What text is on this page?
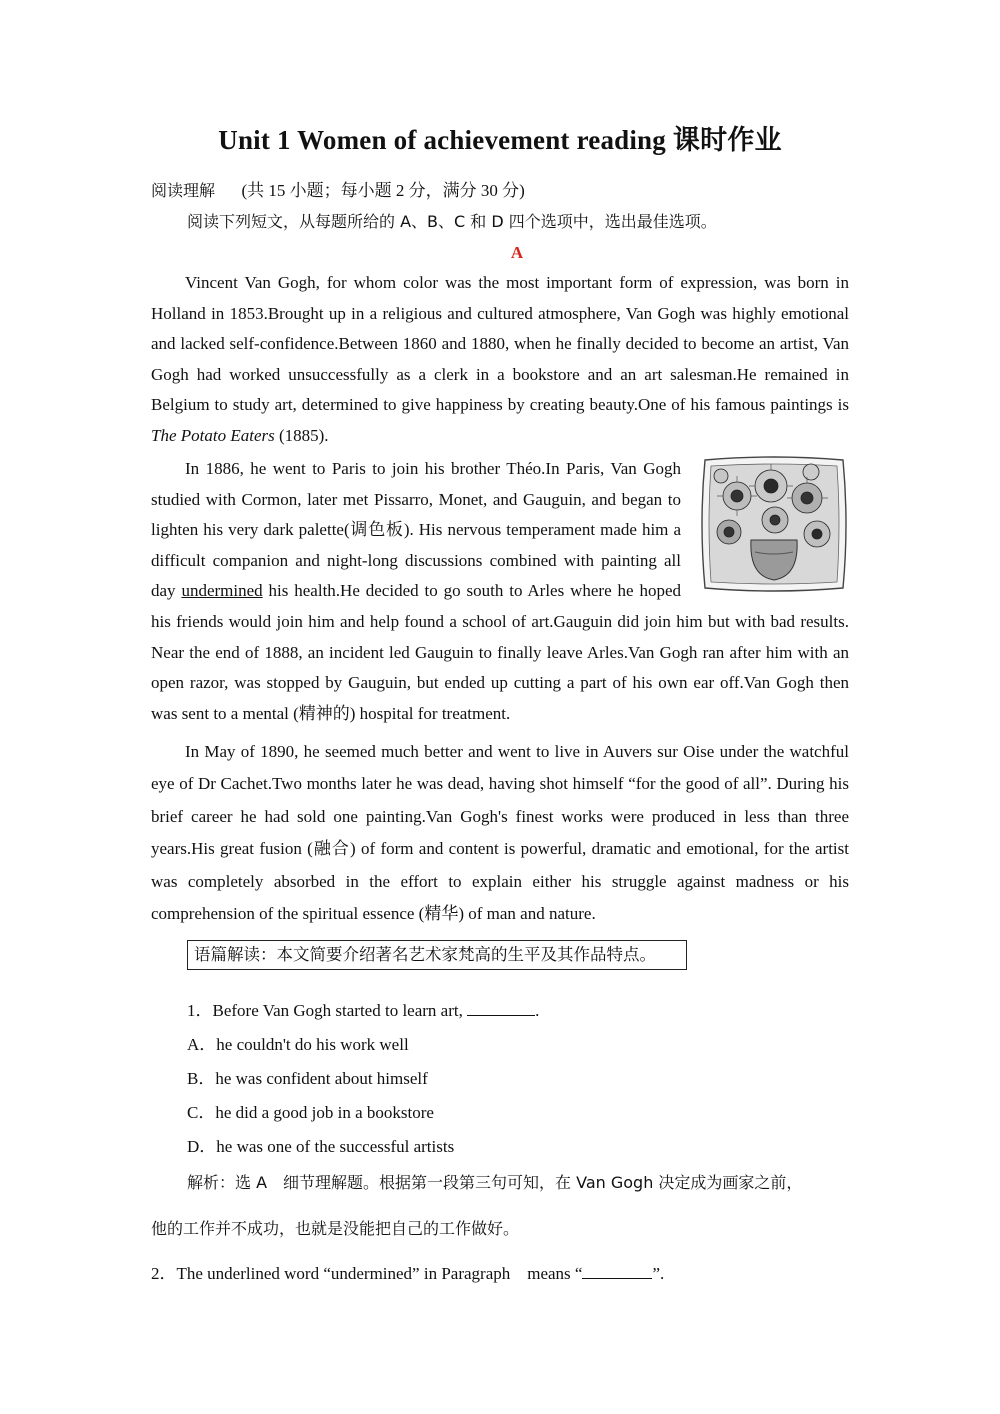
Unit 1 Women of achievement reading 课时作业
阅读理解 (共 15 小题；每小题 2 分，满分 30 分)
阅读下列短文，从每题所给的 A、B、C 和 D 四个选项中，选出最佳选项。
A
Vincent Van Gogh, for whom color was the most important form of expression, was born in Holland in 1853.Brought up in a religious and cultured atmosphere, Van Gogh was highly emotional and lacked self-confidence.Between 1860 and 1880, when he finally decided to become an artist, Van Gogh had worked unsuccessfully as a clerk in a bookstore and an art salesman.He remained in Belgium to study art, determined to give happiness by creating beauty.One of his famous paintings is The Potato Eaters (1885).
In 1886, he went to Paris to join his brother Théo.In Paris, Van Gogh studied with Cormon, later met Pissarro, Monet, and Gauguin, and began to lighten his very dark palette(调色板). His nervous temperament made him a difficult companion and night-long discussions combined with painting all day undermined his health.He decided to go south to Arles where he hoped his friends would join him and help found a school of art.Gauguin did join him but with bad results. Near the end of 1888, an incident led Gauguin to finally leave Arles.Van Gogh ran after him with an open razor, was stopped by Gauguin, but ended up cutting a part of his own ear off.Van Gogh then was sent to a mental (精神的) hospital for treatment.
In May of 1890, he seemed much better and went to live in Auvers sur Oise under the watchful eye of Dr Cachet.Two months later he was dead, having shot himself “for the good of all”. During his brief career he had sold one painting.Van Gogh's finest works were produced in less than three years.His great fusion (融合) of form and content is powerful, dramatic and emotional, for the artist was completely absorbed in the effort to explain either his struggle against madness or his comprehension of the spiritual essence (精华) of man and nature.
语篇解读：本文简要介绍著名艺术家梵高的生平及其作品特点。
1．Before Van Gogh started to learn art,	.
A．he couldn't do his work well
B．he was confident about himself
C．he did a good job in a bookstore
D．he was one of the successful artists
解析：选 A　细节理解题。根据第一段第三句可知，在 Van Gogh 决定成为画家之前，
他的工作并不成功，也就是没能把自己的工作做好。
2．The underlined word “undermined” in Paragraph　means “	”.
